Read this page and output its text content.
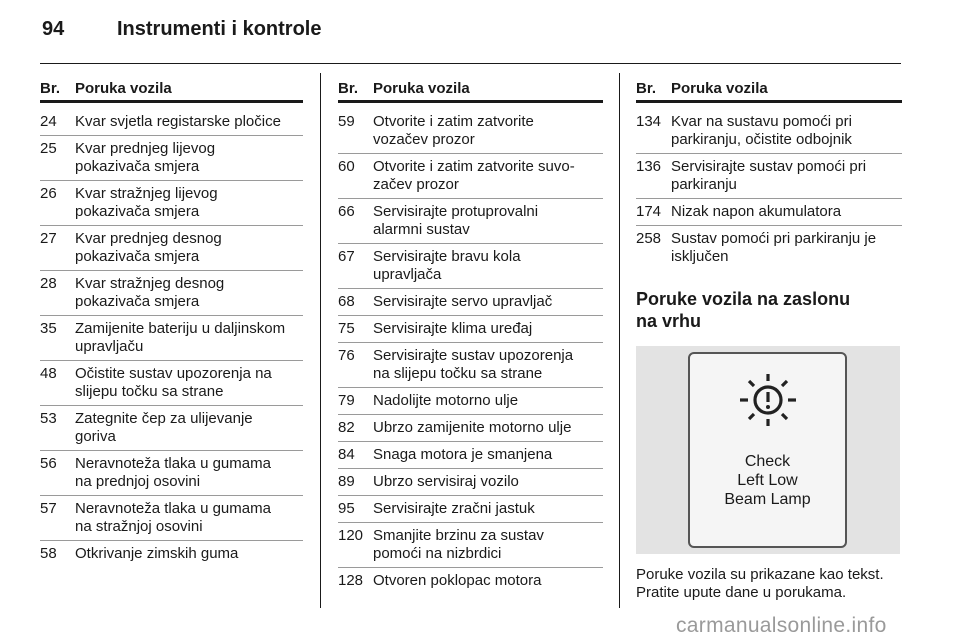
94	Instrumenti i kontrole
Br. Poruka vozila
24	Kvar svjetla registarske pločice
25	Kvar prednjeg lijevog
pokazivača smjera
26	Kvar stražnjeg lijevog
pokazivača smjera
27	Kvar prednjeg desnog
pokazivača smjera
28	Kvar stražnjeg desnog
pokazivača smjera
35	Zamijenite bateriju u daljinskom
upravljaču
48	Očistite sustav upozorenja na
slijepu točku sa strane
53	Zategnite čep za ulijevanje
goriva
56	Neravnoteža tlaka u gumama
na prednjoj osovini
57	Neravnoteža tlaka u gumama
na stražnjoj osovini
58	Otkrivanje zimskih guma
Br. Poruka vozila
59	Otvorite i zatim zatvorite
vozačev prozor
60	Otvorite i zatim zatvorite suvo-
začev prozor
66	Servisirajte protuprovalni
alarmni sustav
67	Servisirajte bravu kola
upravljača
68	Servisirajte servo upravljač
75	Servisirajte klima uređaj
76	Servisirajte sustav upozorenja
na slijepu točku sa strane
79	Nadolijte motorno ulje
82	Ubrzo zamijenite motorno ulje
84	Snaga motora je smanjena
89	Ubrzo servisiraj vozilo
95	Servisirajte zračni jastuk
120 Smanjite brzinu za sustav
pomoći na nizbrdici
128 Otvoren poklopac motora
Br. Poruka vozila
134 Kvar na sustavu pomoći pri
parkiranju, očistite odbojnik
136 Servisirajte sustav pomoći pri
parkiranju
174 Nizak napon akumulatora
258 Sustav pomoći pri parkiranju je
isključen
Poruke vozila na zaslonu na vrhu
Check
Left Low
Beam Lamp
Poruke vozila su prikazane kao tekst. Pratite upute dane u porukama.
carmanualsonline.info
